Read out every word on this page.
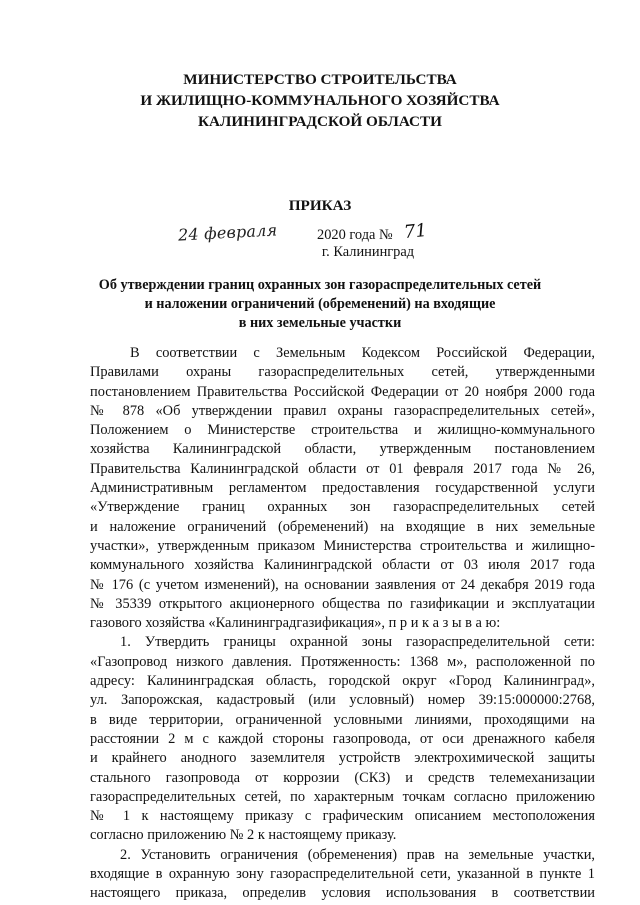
МИНИСТЕРСТВО СТРОИТЕЛЬСТВА
И ЖИЛИЩНО-КОММУНАЛЬНОГО ХОЗЯЙСТВА
КАЛИНИНГРАДСКОЙ ОБЛАСТИ
ПРИКАЗ
24 февраля	2020 года № 71
г. Калининград
Об утверждении границ охранных зон газораспределительных сетей
и наложении ограничений (обременений) на входящие
в них земельные участки
В соответствии с Земельным Кодексом Российской Федерации,
Правилами охраны газораспределительных сетей, утвержденными
постановлением Правительства Российской Федерации от 20 ноября 2000 года
№ 878 «Об утверждении правил охраны газораспределительных сетей»,
Положением о Министерстве строительства и жилищно-коммунального
хозяйства Калининградской области, утвержденным постановлением
Правительства Калининградской области от 01 февраля 2017 года № 26,
Административным регламентом предоставления государственной услуги
«Утверждение границ охранных зон газораспределительных сетей
и наложение ограничений (обременений) на входящие в них земельные
участки», утвержденным приказом Министерства строительства и жилищно-
коммунального хозяйства Калининградской области от 03 июля 2017 года
№ 176 (с учетом изменений), на основании заявления от 24 декабря 2019 года
№ 35339 открытого акционерного общества по газификации и эксплуатации
газового хозяйства «Калининградгазификация», п р и к а з ы в а ю:
1. Утвердить границы охранной зоны газораспределительной сети:
«Газопровод низкого давления. Протяженность: 1368 м», расположенной по
адресу: Калининградская область, городской округ «Город Калининград»,
ул. Запорожская, кадастровый (или условный) номер 39:15:000000:2768,
в виде территории, ограниченной условными линиями, проходящими на
расстоянии 2 м с каждой стороны газопровода, от оси дренажного кабеля
и крайнего анодного заземлителя устройств электрохимической защиты
стального газопровода от коррозии (СКЗ) и средств телемеханизации
газораспределительных сетей, по характерным точкам согласно приложению
№ 1 к настоящему приказу с графическим описанием местоположения
согласно приложению № 2 к настоящему приказу.
2. Установить ограничения (обременения) прав на земельные участки,
входящие в охранную зону газораспределительной сети, указанной в пункте 1
настоящего приказа, определив условия использования в соответствии
